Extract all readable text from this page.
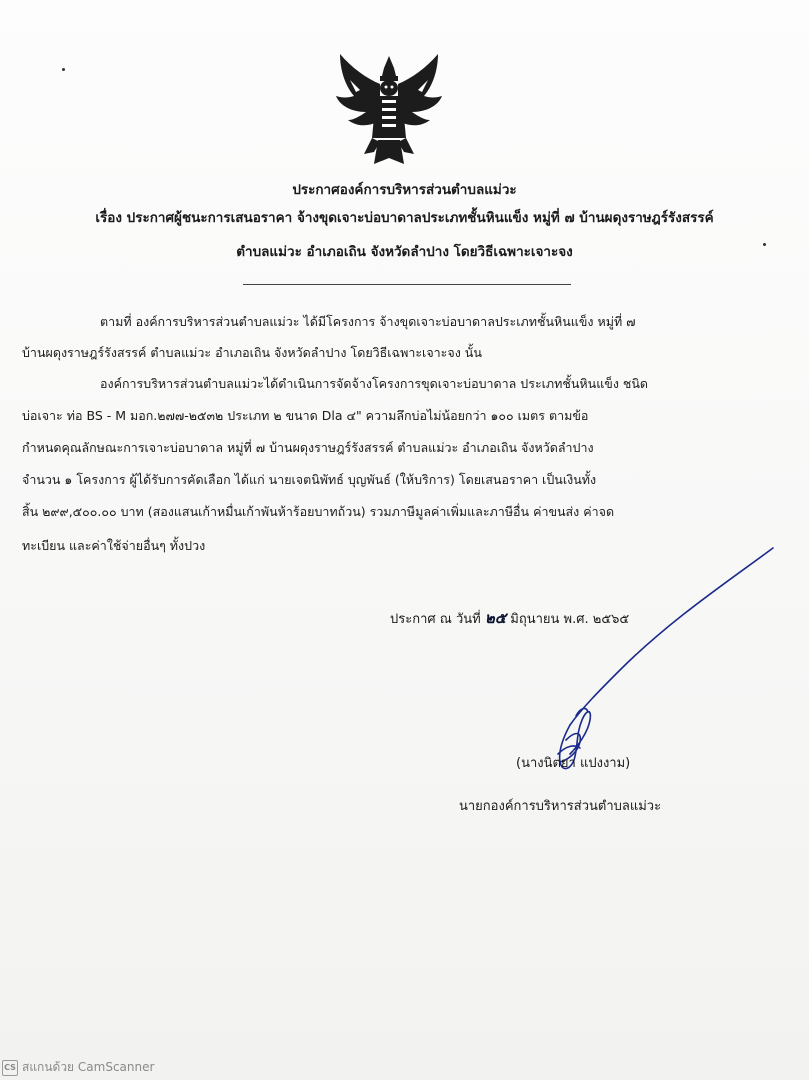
ประกาศองค์การบริหารส่วนตำบลแม่วะ
เรื่อง ประกาศผู้ชนะการเสนอราคา จ้างขุดเจาะบ่อบาดาลประเภทชั้นหินแข็ง หมู่ที่ ๗ บ้านผดุงราษฎร์รังสรรค์
ตำบลแม่วะ อำเภอเถิน จังหวัดลำปาง โดยวิธีเฉพาะเจาะจง
ตามที่ องค์การบริหารส่วนตำบลแม่วะ ได้มีโครงการ จ้างขุดเจาะบ่อบาดาลประเภทชั้นหินแข็ง หมู่ที่ ๗
บ้านผดุงราษฎร์รังสรรค์ ตำบลแม่วะ อำเภอเถิน จังหวัดลำปาง โดยวิธีเฉพาะเจาะจง นั้น
องค์การบริหารส่วนตำบลแม่วะได้ดำเนินการจัดจ้างโครงการขุดเจาะบ่อบาดาล ประเภทชั้นหินแข็ง ชนิด
บ่อเจาะ ท่อ BS - M มอก.๒๗๗-๒๕๓๒ ประเภท ๒ ขนาด Dla ๔" ความลึกบ่อไม่น้อยกว่า ๑๐๐ เมตร ตามข้อ
กำหนดคุณลักษณะการเจาะบ่อบาดาล หมู่ที่ ๗ บ้านผดุงราษฎร์รังสรรค์ ตำบลแม่วะ อำเภอเถิน จังหวัดลำปาง
จำนวน ๑ โครงการ ผู้ได้รับการคัดเลือก ได้แก่ นายเจตนิพัทธ์ บุญพันธ์ (ให้บริการ) โดยเสนอราคา เป็นเงินทั้ง
สิ้น ๒๙๙,๕๐๐.๐๐ บาท (สองแสนเก้าหมื่นเก้าพันห้าร้อยบาทถ้วน) รวมภาษีมูลค่าเพิ่มและภาษีอื่น ค่าขนส่ง ค่าจด
ทะเบียน และค่าใช้จ่ายอื่นๆ ทั้งปวง
ประกาศ ณ วันที่ ๒๕ มิถุนายน พ.ศ. ๒๕๖๕
(นางนิตยา แปงงาม)
นายกองค์การบริหารส่วนตำบลแม่วะ
CS สแกนด้วย CamScanner
